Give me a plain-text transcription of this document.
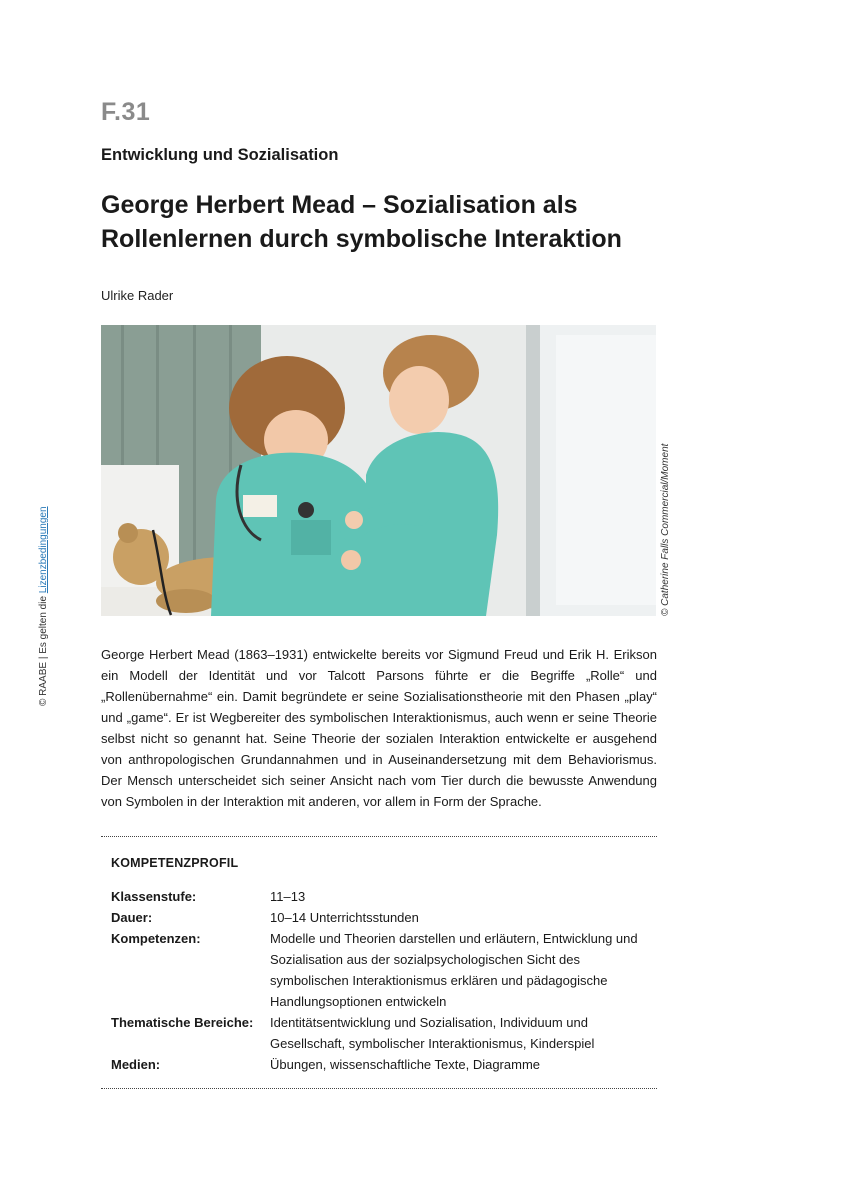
F.31
Entwicklung und Sozialisation
George Herbert Mead – Sozialisation als
Rollenlernen durch symbolische Interaktion
Ulrike Rader
© Catherine Falls Commercial/Moment
© RAABE | Es gelten die Lizenzbedingungen

George Herbert Mead (1863–1931) entwickelte bereits vor Sigmund Freud und Erik H. Erikson ein Modell der Identität und vor Talcott Parsons führte er die Begriffe „Rolle“ und „Rollenübernahme“ ein. Damit begründete er seine Sozialisationstheorie mit den Phasen „play“ und „game“. Er ist Wegbereiter des symbolischen Interaktionismus, auch wenn er seine Theorie selbst nicht so genannt hat. Seine Theorie der sozialen Interaktion entwickelte er ausgehend von anthropologischen Grundannahmen und in Auseinandersetzung mit dem Behaviorismus. Der Mensch unterscheidet sich seiner Ansicht nach vom Tier durch die bewusste Anwendung von Symbolen in der Interaktion mit anderen, vor allem in Form der Sprache.

KOMPETENZPROFIL
Klassenstufe:	11–13
Dauer:	10–14 Unterrichtsstunden
Kompetenzen:	Modelle und Theorien darstellen und erläutern, Entwicklung und Sozialisation aus der sozialpsychologischen Sicht des symbolischen Interaktionismus erklären und pädagogische Handlungsoptionen entwickeln
Thematische Bereiche:	Identitätsentwicklung und Sozialisation, Individuum und Gesellschaft, symbolischer Interaktionismus, Kinderspiel
Medien:	Übungen, wissenschaftliche Texte, Diagramme
